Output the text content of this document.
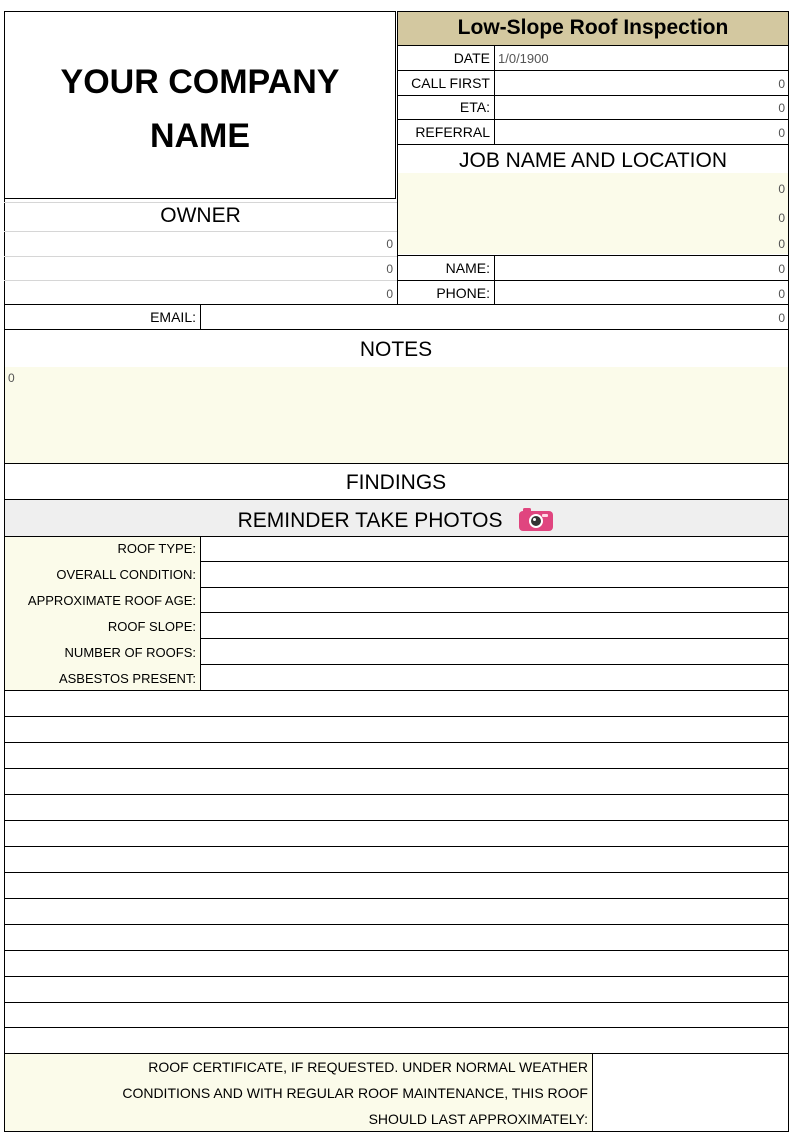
YOUR COMPANY
NAME
Low-Slope Roof Inspection
DATE 1/0/1900
CALL FIRST	0
ETA:	0
REFERRAL	0
JOB NAME AND LOCATION
0
0
0
NAME:	0
PHONE:	0
OWNER
0
0
0
EMAIL:	0
NOTES
0
FINDINGS
REMINDER TAKE PHOTOS
ROOF TYPE:
OVERALL CONDITION:
APPROXIMATE ROOF AGE:
ROOF SLOPE:
NUMBER OF ROOFS:
ASBESTOS PRESENT:
ROOF CERTIFICATE, IF REQUESTED. UNDER NORMAL WEATHER
CONDITIONS AND WITH REGULAR ROOF MAINTENANCE, THIS ROOF
SHOULD LAST APPROXIMATELY:
